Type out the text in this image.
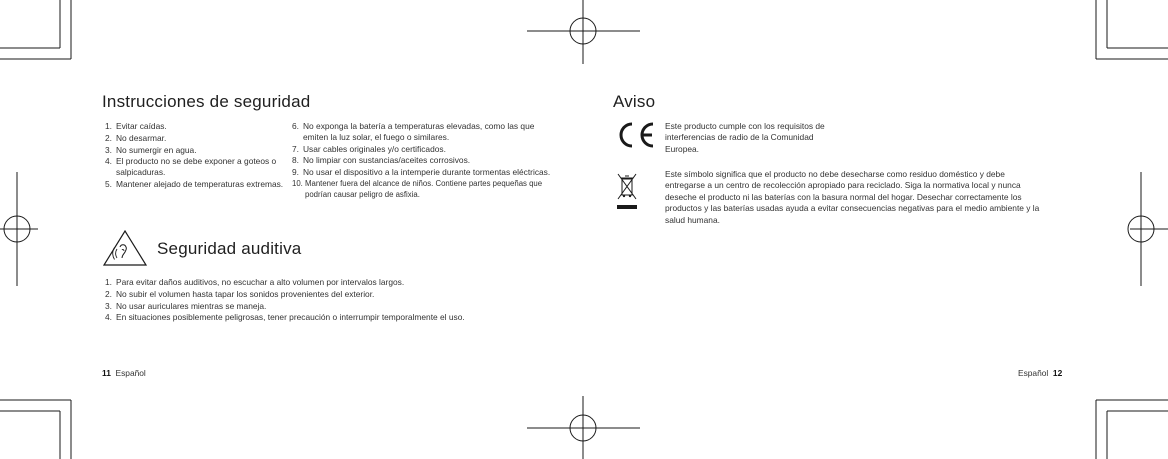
Instrucciones de seguridad
1. Evitar caídas.
2. No desarmar.
3. No sumergir en agua.
4. El producto no se debe exponer a goteos o salpicaduras.
5. Mantener alejado de temperaturas extremas.
6. No exponga la batería a temperaturas elevadas, como las que emiten la luz solar, el fuego o similares.
7. Usar cables originales y/o certificados.
8. No limpiar con sustancias/aceites corrosivos.
9. No usar el dispositivo a la intemperie durante tormentas eléctricas.
10. Mantener fuera del alcance de niños. Contiene partes pequeñas que podrían causar peligro de asfixia.
Seguridad auditiva
1. Para evitar daños auditivos, no escuchar a alto volumen por intervalos largos.
2. No subir el volumen hasta tapar los sonidos provenientes del exterior.
3. No usar auriculares mientras se maneja.
4. En situaciones posiblemente peligrosas, tener precaución o interrumpir temporalmente el uso.
11 Español
Aviso

Este producto cumple con los requisitos de interferencias de radio de la Comunidad Europea.

Este símbolo significa que el producto no debe desecharse como residuo doméstico y debe entregarse a un centro de recolección apropiado para reciclado. Siga la normativa local y nunca deseche el producto ni las baterías con la basura normal del hogar. Desechar correctamente los productos y las baterías usadas ayuda a evitar consecuencias negativas para el medio ambiente y la salud humana.

Español 12
